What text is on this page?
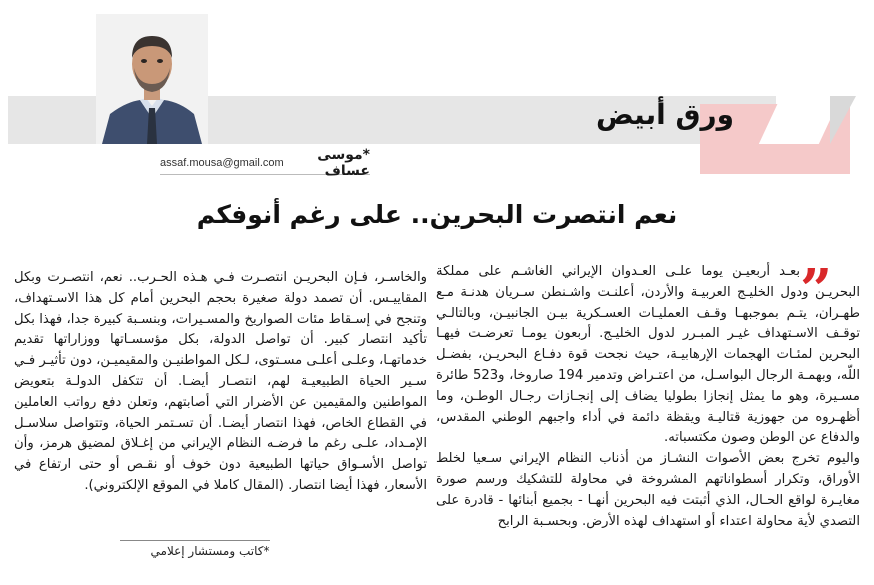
ورق أبيض
*موسى عساف
assaf.mousa@gmail.com
نعم انتصرت البحرين.. على رغم أنوفكم
”

بعـد أربعيـن يوما علـى العـدوان الإيراني الغاشـم على مملكة البحريـن ودول الخليـج العربيـة والأردن، أعلنـت واشـنطن سـريان هدنـة مـع طهـران، يتـم بموجبهـا وقـف العمليـات العسـكرية بيـن الجانبيـن، وبالتالـي توقـف الاسـتهداف غيـر المبـرر لدول الخليـج. أربعون يومـا تعرضـت فيهـا البحرين لمئـات الهجمات الإرهابيـة، حيث نجحت قوة دفـاع البحريـن، بفضـل اللّه، وبهمـة الرجال البواسـل، من اعتـراض وتدمير 194 صاروخا، و523 طائرة مسـيرة، وهو ما يمثل إنجازا بطوليا يضاف إلى إنجـازات رجـال الوطـن، وما أظهـروه من جهوزية قتاليـة ويقظة دائمة في أداء واجبهم الوطني المقدس، والدفاع عن الوطن وصون مكتسباته.

واليوم تخرج بعض الأصوات النشـاز من أذناب النظام الإيراني سـعيا لخلط الأوراق، وتكرار أسطواناتهم المشروخة في محاولة للتشكيك ورسم صورة مغايـرة لواقع الحـال، الذي أثبتت فيه البحرين أنهـا - بجميع أبنائها - قادرة على التصدي لأية محاولة اعتداء أو استهداف لهذه الأرض. وبحسـبة الرابح

والخاسـر، فـإن البحريـن انتصـرت فـي هـذه الحـرب.. نعم، انتصـرت وبكل المقاييـس. أن تصمد دولة صغيرة بحجم البحرين أمام كل هذا الاسـتهداف، وتنجح في إسـقاط مئات الصواريخ والمسـيرات، وبنسـبة كبيرة جدا، فهذا بكل تأكيد انتصار كبير. أن تواصل الدولة، بكل مؤسسـاتها ووزاراتها تقديم خدماتهـا، وعلـى أعلـى مسـتوى، لـكل المواطنيـن والمقيميـن، دون تأثيـر فـي سـير الحياة الطبيعيـة لهم، انتصـار أيضـا. أن تتكفل الدولـة بتعويض المواطنين والمقيمين عن الأضرار التي أصابتهم، وتعلن دفع رواتب العاملين في القطاع الخاص، فهذا انتصار أيضـا. أن تسـتمر الحياة، وتتواصل سلاسـل الإمـداد، علـى رغم ما فرضـه النظام الإيراني من إغـلاق لمضيق هرمز، وأن تواصل الأسـواق حياتها الطبيعية دون خوف أو نقـص أو حتى ارتفاع في الأسعار، فهذا أيضا انتصار. (المقال كاملا في الموقع الإلكتروني).

*كاتب ومستشار إعلامي
